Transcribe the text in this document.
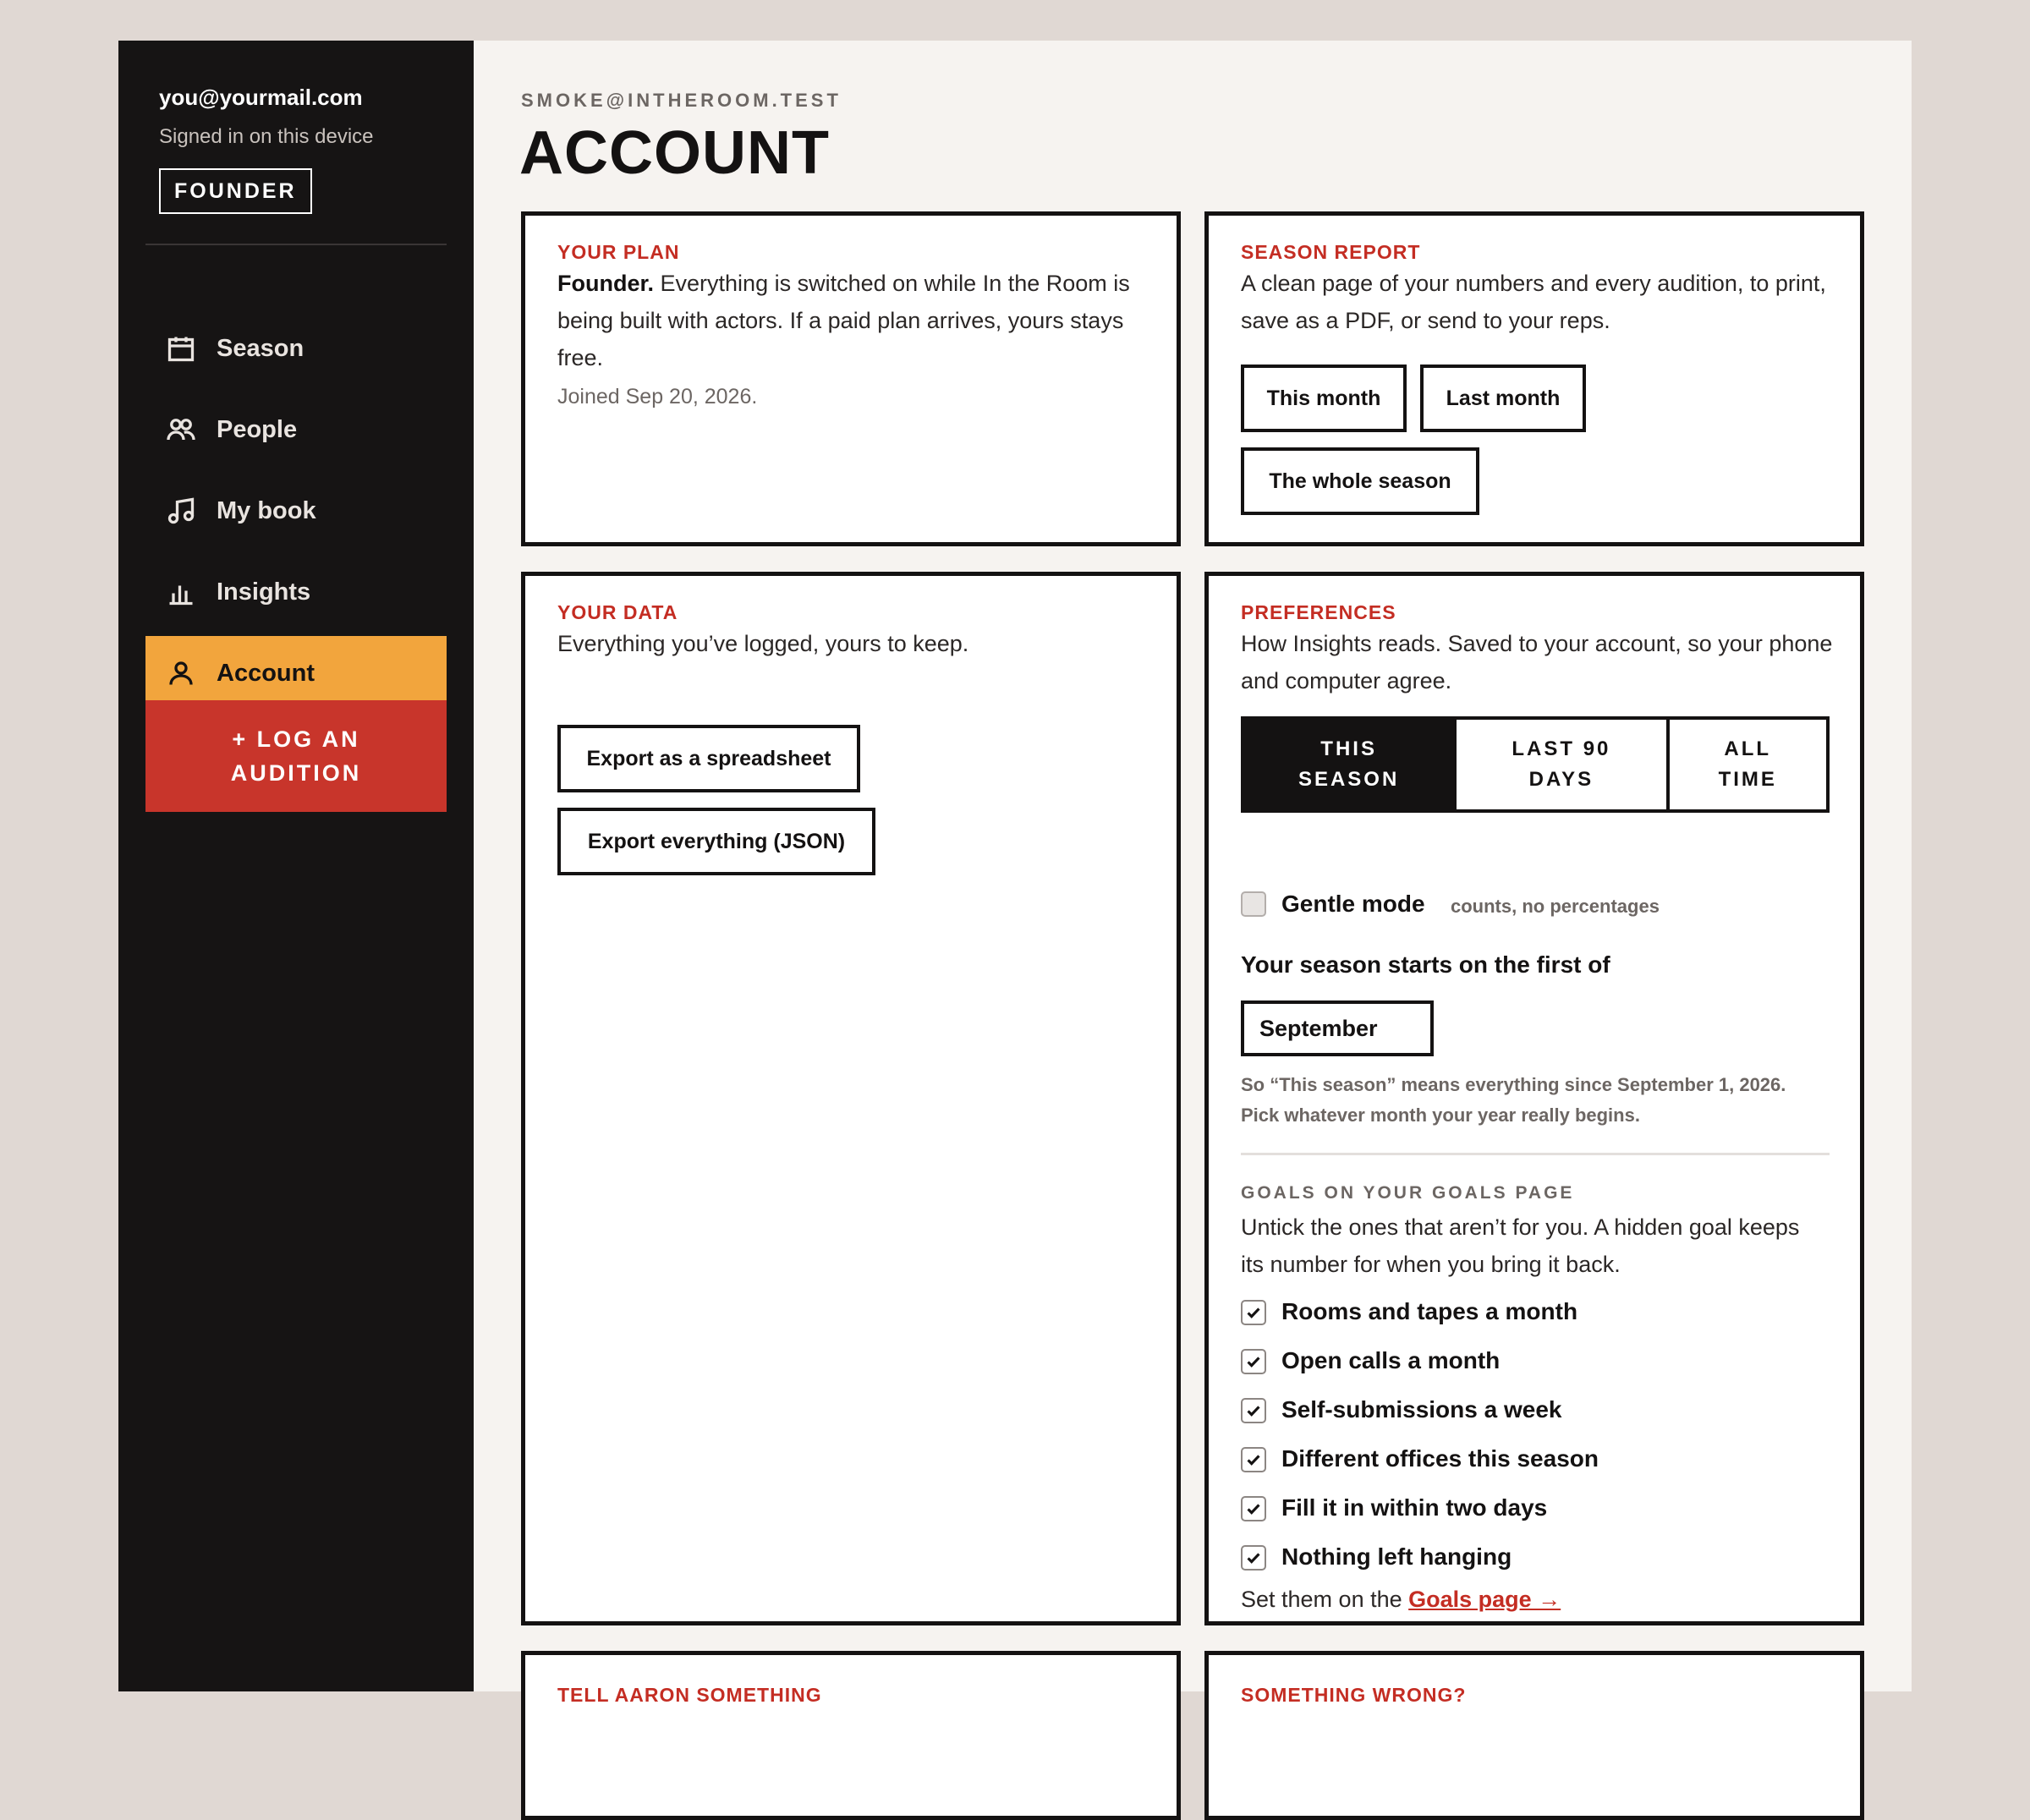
you@yourmail.com
Signed in on this device
FOUNDER
Season
People
My book
Insights
Account
+ LOG AN AUDITION
SMOKE@INTHEROOM.TEST
ACCOUNT
YOUR PLAN
Founder. Everything is switched on while In the Room is being built with actors. If a paid plan arrives, yours stays free.
Joined Sep 20, 2026.
SEASON REPORT
A clean page of your numbers and every audition, to print, save as a PDF, or send to your reps.
This month	Last month
The whole season
YOUR DATA
Everything you’ve logged, yours to keep.
Export as a spreadsheet
Export everything (JSON)
PREFERENCES
How Insights reads. Saved to your account, so your phone and computer agree.
THIS SEASON
LAST 90 DAYS
ALL TIME
Gentle mode counts, no percentages
Your season starts on the first of
September
So “This season” means everything since September 1, 2026.
Pick whatever month your year really begins.
GOALS ON YOUR GOALS PAGE
Untick the ones that aren’t for you. A hidden goal keeps its number for when you bring it back.
Rooms and tapes a month
Open calls a month
Self-submissions a week
Different offices this season
Fill it in within two days
Nothing left hanging
Set them on the Goals page →
TELL AARON SOMETHING	SOMETHING WRONG?
